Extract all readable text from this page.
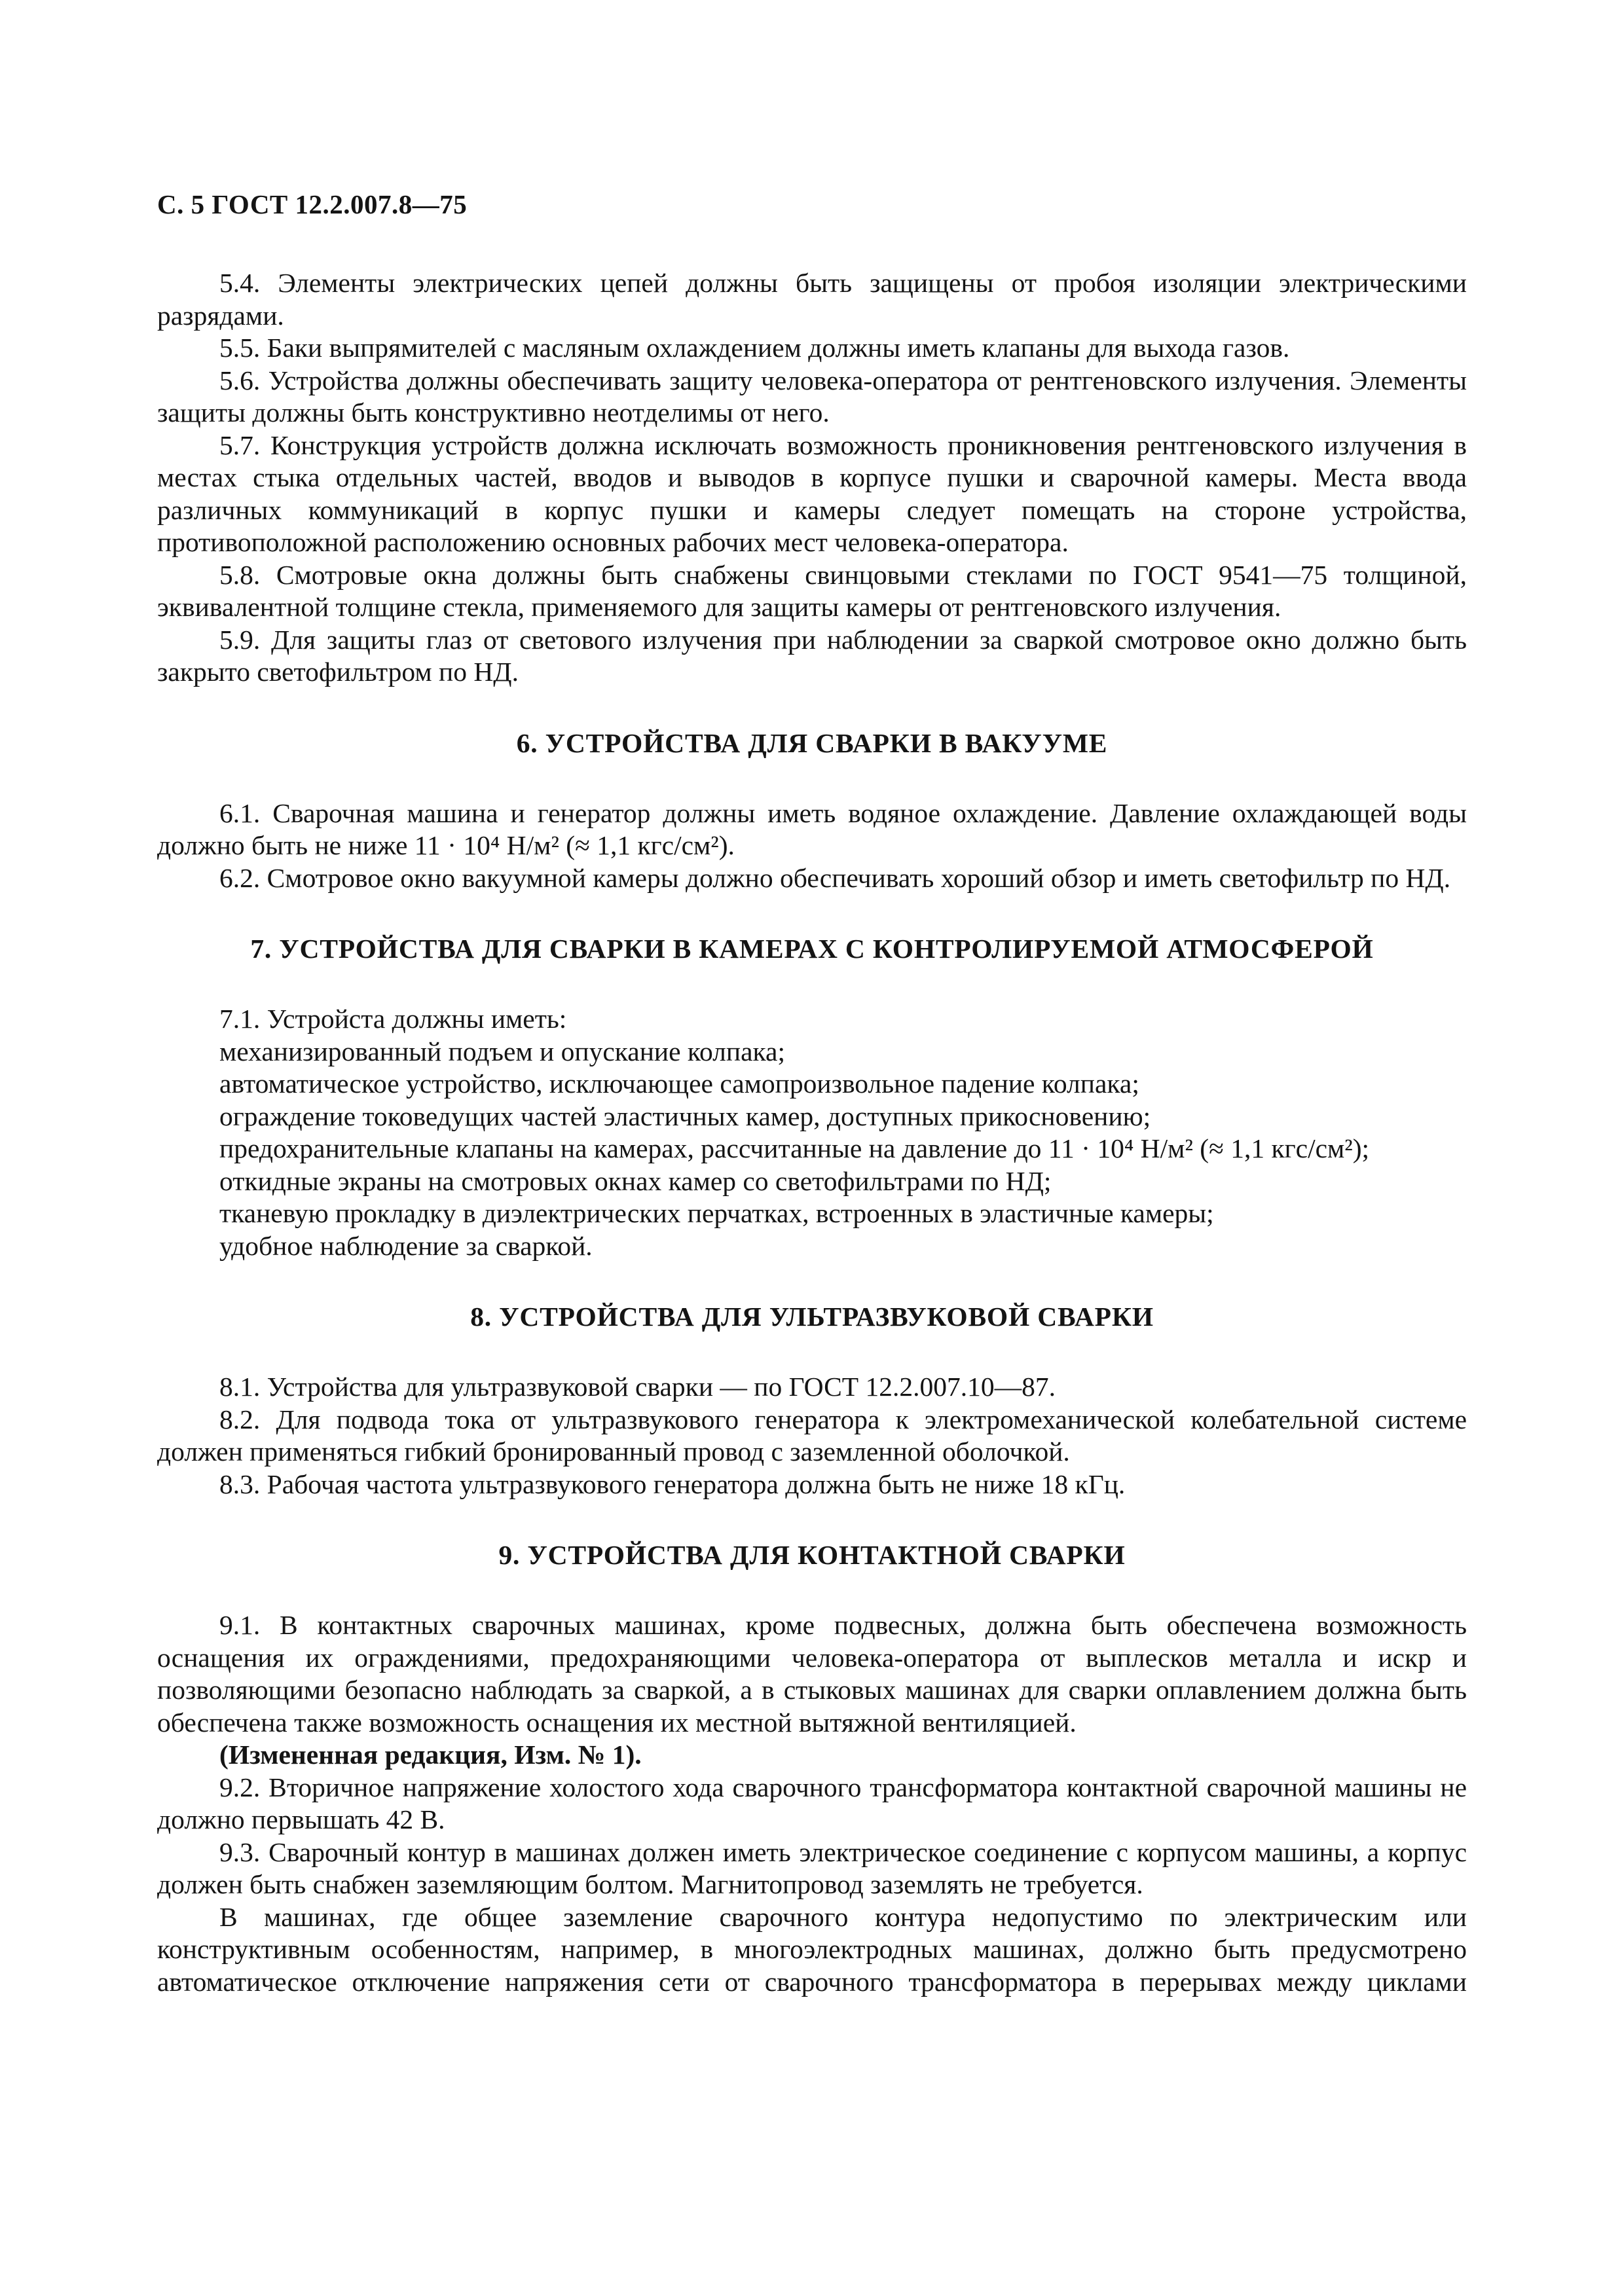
С. 5 ГОСТ 12.2.007.8—75

5.4. Элементы электрических цепей должны быть защищены от пробоя изоляции электрическими разрядами.

5.5. Баки выпрямителей с масляным охлаждением должны иметь клапаны для выхода газов.

5.6. Устройства должны обеспечивать защиту человека-оператора от рентгеновского излучения. Элементы защиты должны быть конструктивно неотделимы от него.

5.7. Конструкция устройств должна исключать возможность проникновения рентгеновского излучения в местах стыка отдельных частей, вводов и выводов в корпусе пушки и сварочной камеры. Места ввода различных коммуникаций в корпус пушки и камеры следует помещать на стороне устройства, противоположной расположению основных рабочих мест человека-оператора.

5.8. Смотровые окна должны быть снабжены свинцовыми стеклами по ГОСТ 9541—75 толщиной, эквивалентной толщине стекла, применяемого для защиты камеры от рентгеновского излучения.

5.9. Для защиты глаз от светового излучения при наблюдении за сваркой смотровое окно должно быть закрыто светофильтром по НД.

6. УСТРОЙСТВА ДЛЯ СВАРКИ В ВАКУУМЕ

6.1. Сварочная машина и генератор должны иметь водяное охлаждение. Давление охлаждающей воды должно быть не ниже 11 · 10⁴ Н/м² (≈ 1,1 кгс/см²).

6.2. Смотровое окно вакуумной камеры должно обеспечивать хороший обзор и иметь светофильтр по НД.

7. УСТРОЙСТВА ДЛЯ СВАРКИ В КАМЕРАХ С КОНТРОЛИРУЕМОЙ АТМОСФЕРОЙ

7.1. Устройста должны иметь:

механизированный подъем и опускание колпака;

автоматическое устройство, исключающее самопроизвольное падение колпака;

ограждение токоведущих частей эластичных камер, доступных прикосновению;

предохранительные клапаны на камерах, рассчитанные на давление до 11 · 10⁴ Н/м² (≈ 1,1 кгс/см²);

откидные экраны на смотровых окнах камер со светофильтрами по НД;

тканевую прокладку в диэлектрических перчатках, встроенных в эластичные камеры;

удобное наблюдение за сваркой.

8. УСТРОЙСТВА ДЛЯ УЛЬТРАЗВУКОВОЙ СВАРКИ

8.1. Устройства для ультразвуковой сварки — по ГОСТ 12.2.007.10—87.

8.2. Для подвода тока от ультразвукового генератора к электромеханической колебательной системе должен применяться гибкий бронированный провод с заземленной оболочкой.

8.3. Рабочая частота ультразвукового генератора должна быть не ниже 18 кГц.

9. УСТРОЙСТВА ДЛЯ КОНТАКТНОЙ СВАРКИ

9.1. В контактных сварочных машинах, кроме подвесных, должна быть обеспечена возможность оснащения их ограждениями, предохраняющими человека-оператора от выплесков металла и искр и позволяющими безопасно наблюдать за сваркой, а в стыковых машинах для сварки оплавлением должна быть обеспечена также возможность оснащения их местной вытяжной вентиляцией.

(Измененная редакция, Изм. № 1).

9.2. Вторичное напряжение холостого хода сварочного трансформатора контактной сварочной машины не должно первышать 42 В.

9.3. Сварочный контур в машинах должен иметь электрическое соединение с корпусом машины, а корпус должен быть снабжен заземляющим болтом. Магнитопровод заземлять не требуется.

В машинах, где общее заземление сварочного контура недопустимо по электрическим или конструктивным особенностям, например, в многоэлектродных машинах, должно быть предусмотрено автоматическое отключение напряжения сети от сварочного трансформатора в перерывах между циклами
